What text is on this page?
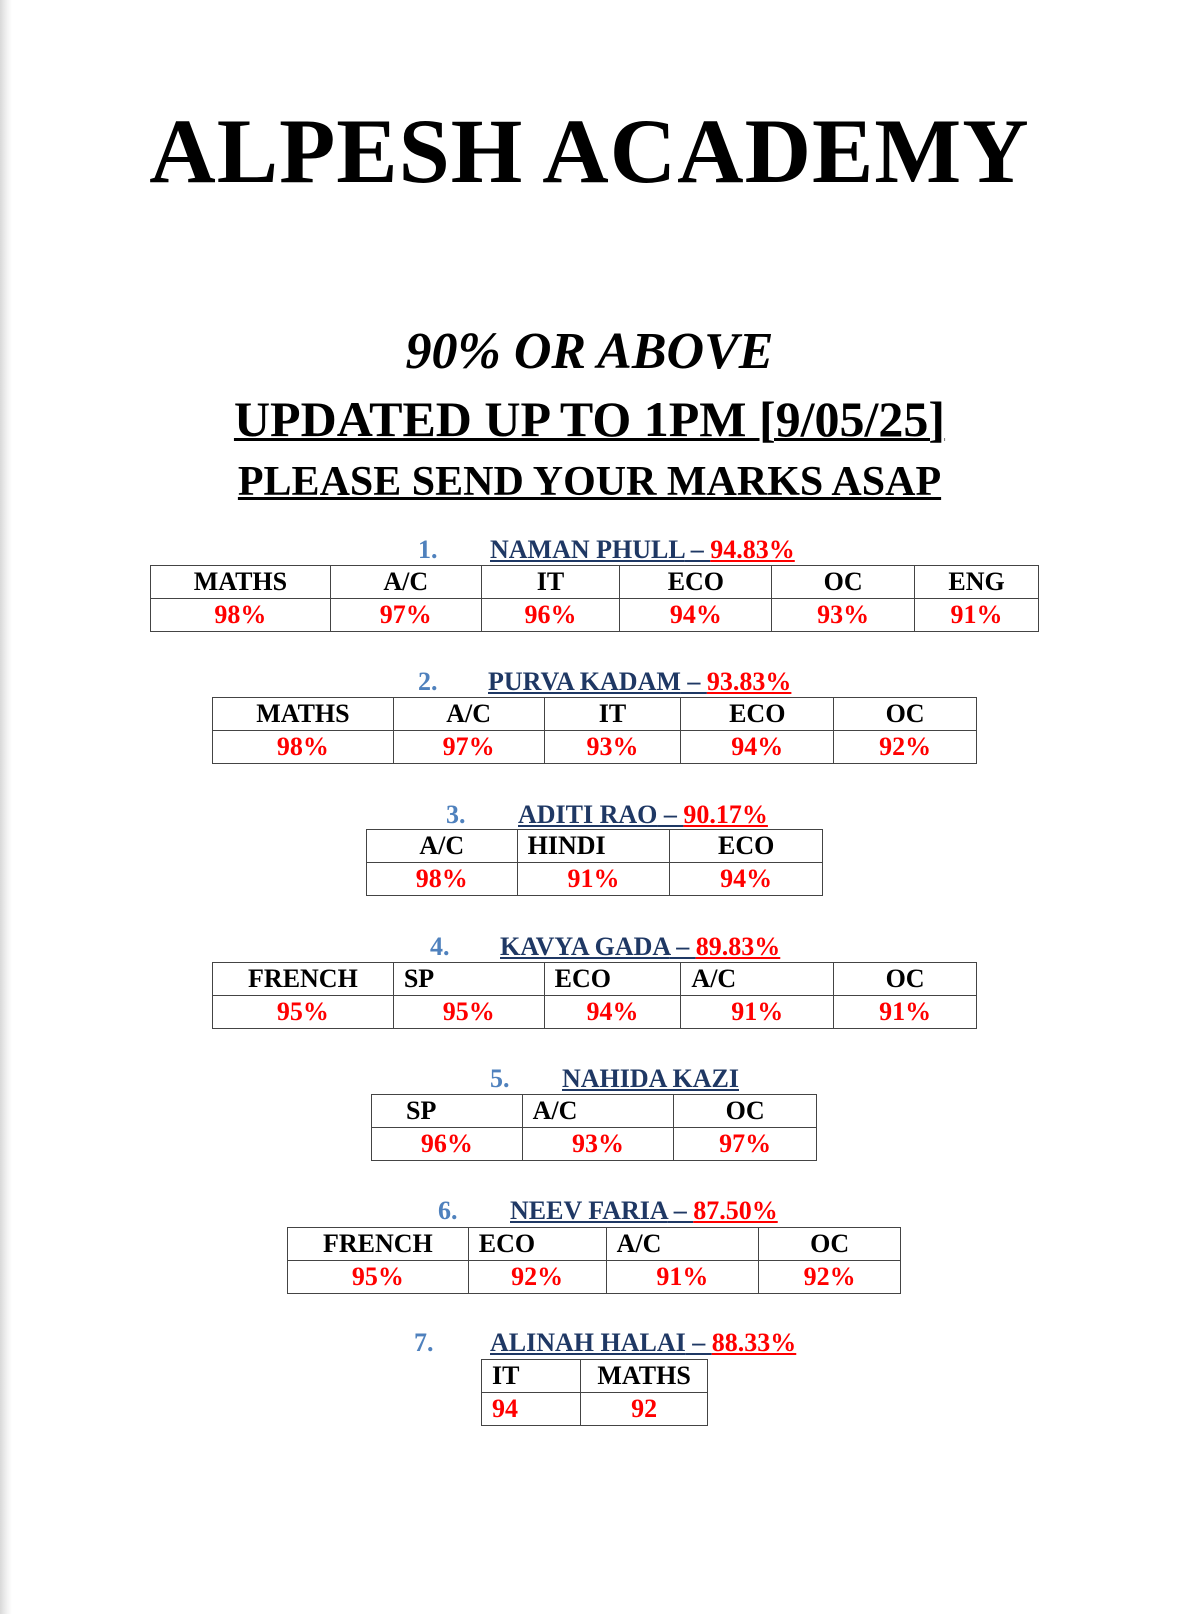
ALPESH ACADEMY
90% OR ABOVE
UPDATED UP TO 1PM [9/05/25]
PLEASE SEND YOUR MARKS ASAP
1. NAMAN PHULL – 94.83%
MATHS	A/C	IT	ECO	OC	ENG
98%	97%	96%	94%	93%	91%
2. PURVA KADAM – 93.83%
MATHS	A/C	IT	ECO	OC
98%	97%	93%	94%	92%
3. ADITI RAO – 90.17%
A/C	HINDI	ECO
98%	91%	94%
4. KAVYA GADA – 89.83%
FRENCH	SP	ECO	A/C	OC
95%	95%	94%	91%	91%
5. NAHIDA KAZI
SP	A/C	OC
96%	93%	97%
6. NEEV FARIA – 87.50%
FRENCH	ECO	A/C	OC
95%	92%	91%	92%
7. ALINAH HALAI – 88.33%
IT	MATHS
94	92
